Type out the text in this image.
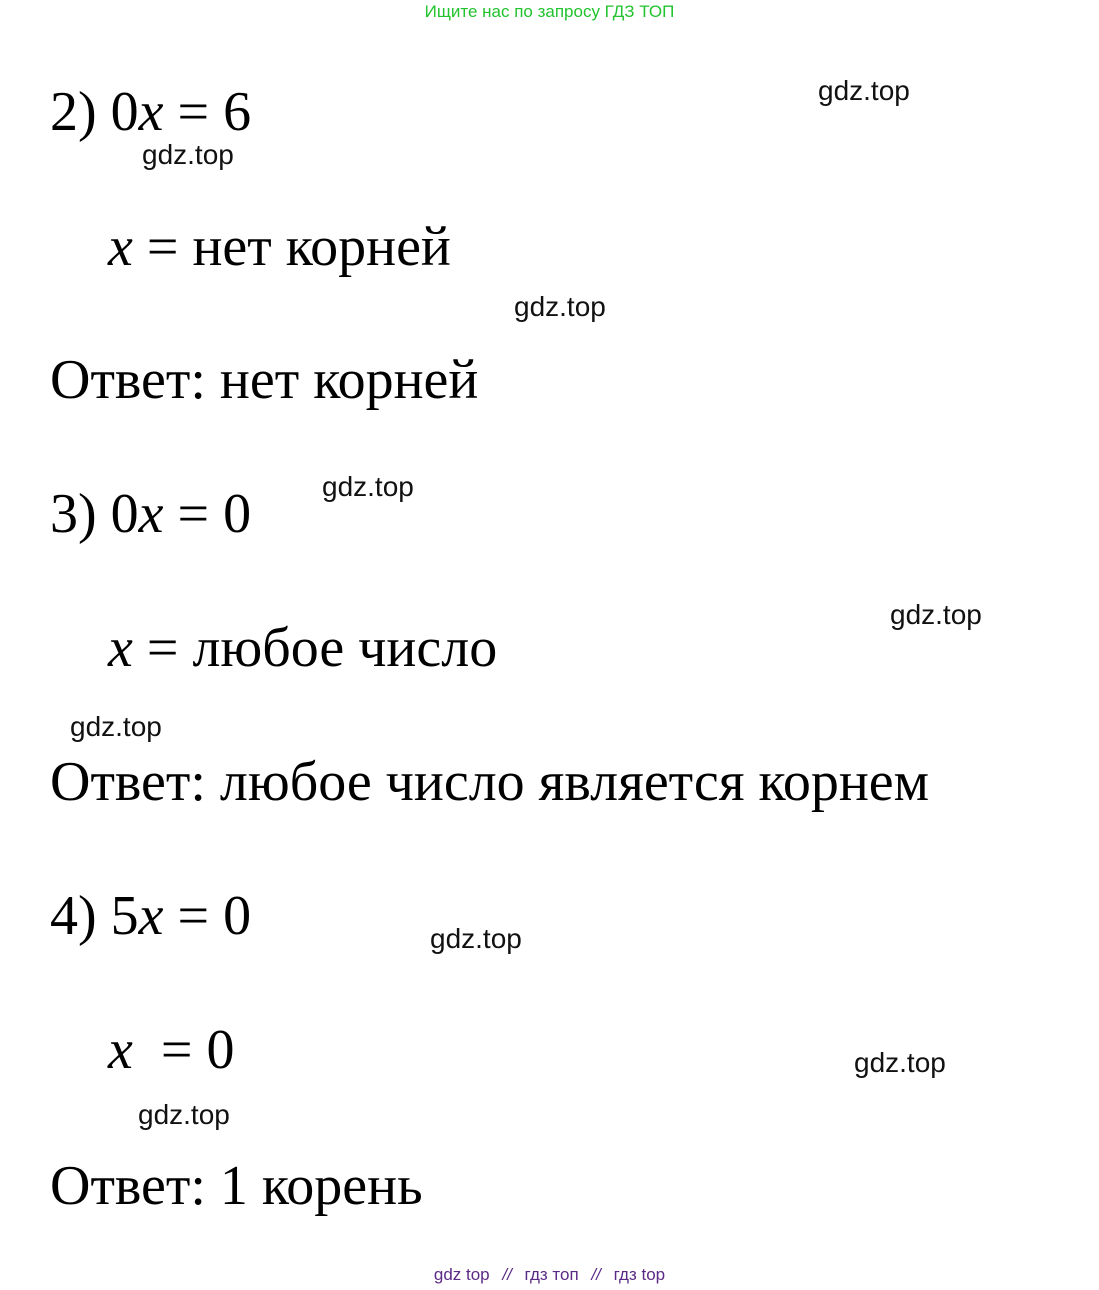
Ищите нас по запросу ГДЗ ТОП
2) 0x = 6
x = нет корней
Ответ: нет корней
3) 0x = 0
x = любое число
Ответ: любое число является корнем
4) 5x = 0
x  = 0
Ответ: 1 корень
gdz.top
gdz.top
gdz.top
gdz.top
gdz.top
gdz.top
gdz.top
gdz.top
gdz.top
gdz top // гдз топ // гдз top
